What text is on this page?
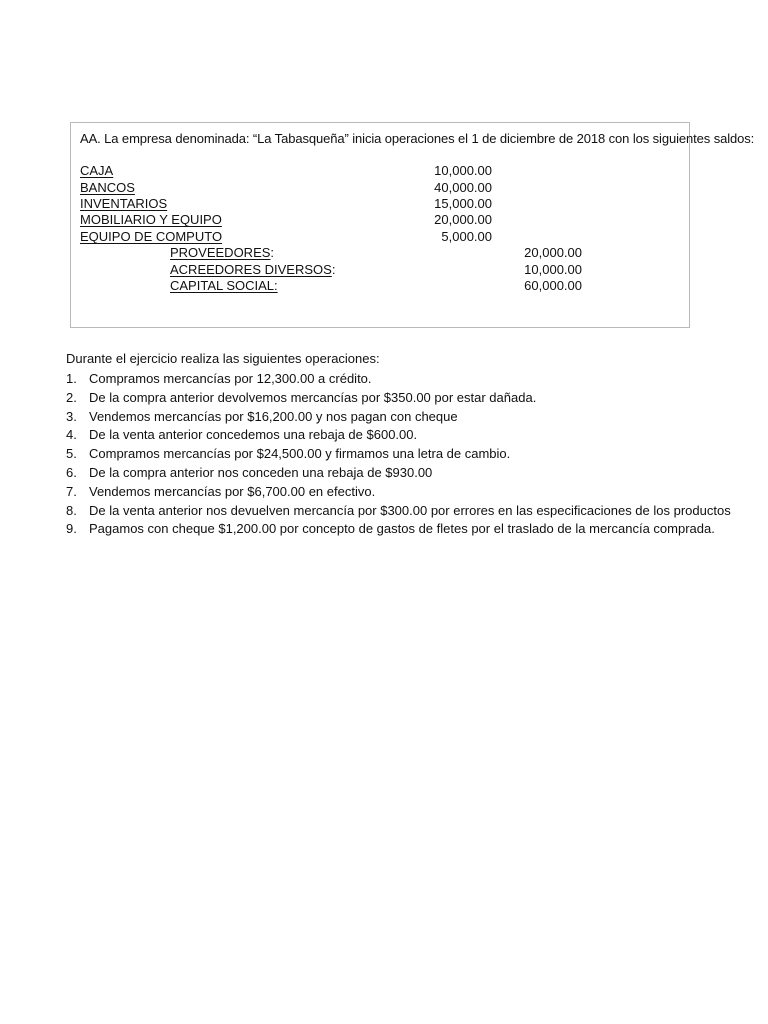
AA. La empresa denominada: “La Tabasqueña” inicia operaciones el 1 de diciembre de 2018 con los siguientes saldos:
CAJA	10,000.00
BANCOS	40,000.00
INVENTARIOS	15,000.00
MOBILIARIO Y EQUIPO	20,000.00
EQUIPO DE COMPUTO	5,000.00
PROVEEDORES:	20,000.00
ACREEDORES DIVERSOS:	10,000.00
CAPITAL SOCIAL:	60,000.00
Durante el ejercicio realiza las siguientes operaciones:
1. Compramos mercancías por 12,300.00 a crédito.
2. De la compra anterior devolvemos mercancías por $350.00 por estar dañada.
3. Vendemos mercancías por $16,200.00 y nos pagan con cheque
4. De la venta anterior concedemos una rebaja de $600.00.
5. Compramos mercancías por $24,500.00 y firmamos una letra de cambio.
6. De la compra anterior nos conceden una rebaja de $930.00
7. Vendemos mercancías por $6,700.00 en efectivo.
8. De la venta anterior nos devuelven mercancía por $300.00 por errores en las especificaciones de los productos
9. Pagamos con cheque $1,200.00 por concepto de gastos de fletes por el traslado de la mercancía comprada.
